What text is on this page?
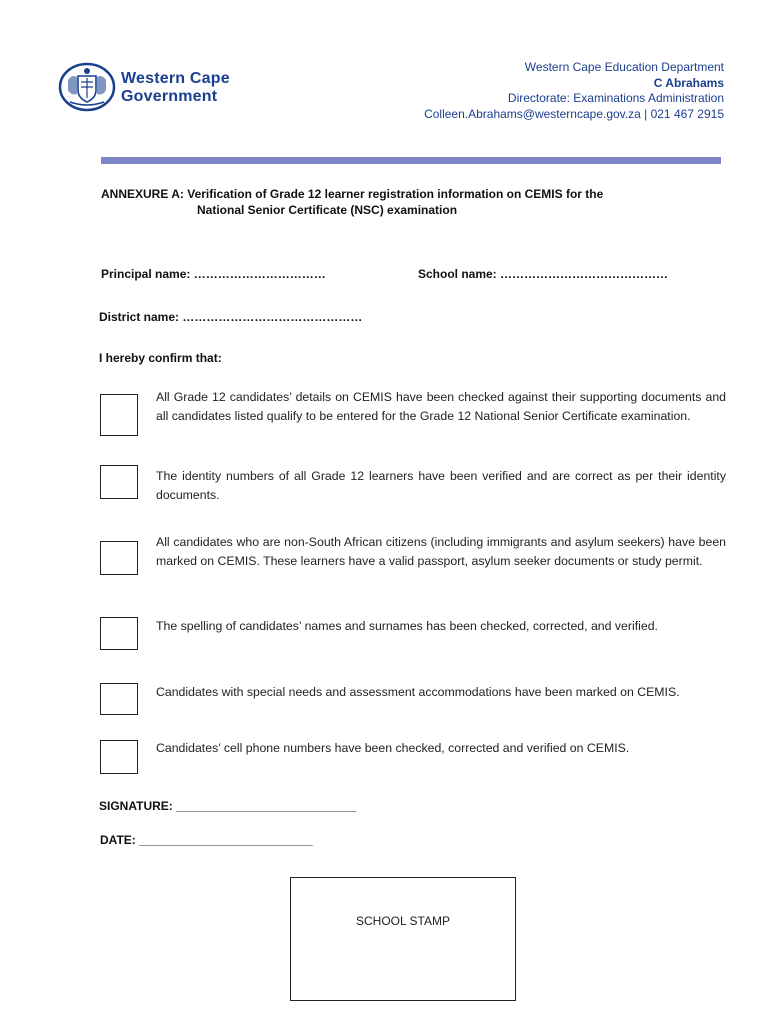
Western Cape
Government
Western Cape Education Department
C Abrahams
Directorate: Examinations Administration
Colleen.Abrahams@westerncape.gov.za | 021 467 2915
ANNEXURE A: Verification of Grade 12 learner registration information on CEMIS for the
National Senior Certificate (NSC) examination
Principal name: ……………………………	School name: ……………………………………
District name: ………………………………………
I hereby confirm that:
All Grade 12 candidates’ details on CEMIS have been checked against their supporting documents and all candidates listed qualify to be entered for the Grade 12 National Senior Certificate examination.
The identity numbers of all Grade 12 learners have been verified and are correct as per their identity documents.
All candidates who are non-South African citizens (including immigrants and asylum seekers) have been marked on CEMIS. These learners have a valid passport, asylum seeker documents or study permit.
The spelling of candidates’ names and surnames has been checked, corrected, and verified.
Candidates with special needs and assessment accommodations have been marked on CEMIS.
Candidates’ cell phone numbers have been checked, corrected and verified on CEMIS.
SIGNATURE: ___________________________
DATE: __________________________
SCHOOL STAMP
